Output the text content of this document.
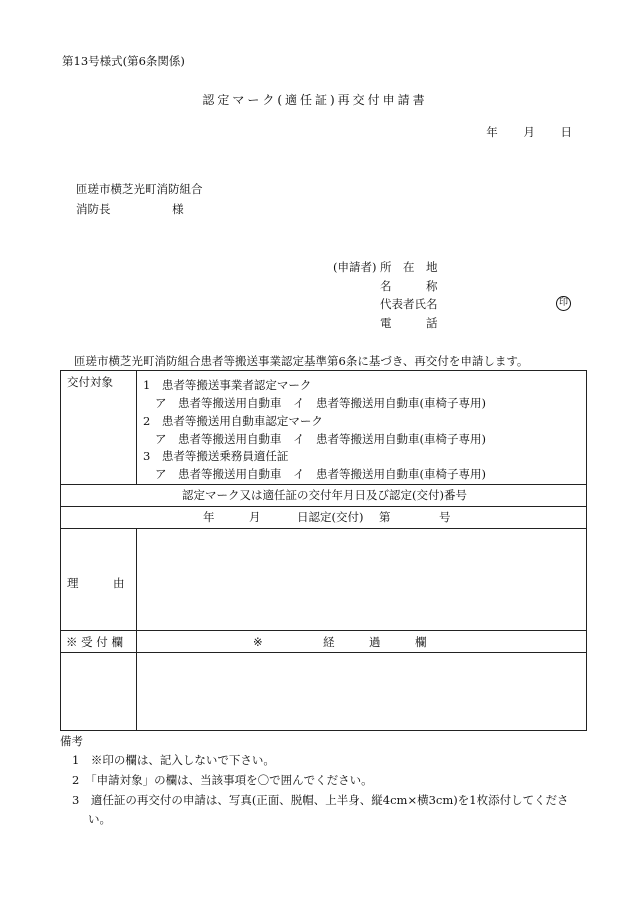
第13号様式(第6条関係)
認定マーク(適任証)再交付申請書
年 月 日
匝瑳市横芝光町消防組合
消防長	様
(申請者) 所　在　地
名　　　称
代表者氏名	印
電　　　話
匝瑳市横芝光町消防組合患者等搬送事業認定基準第6条に基づき、再交付を申請します。
交付対象	1　患者等搬送事業者認定マーク
ア　患者等搬送用自動車　イ　患者等搬送用自動車(車椅子専用)
2　患者等搬送用自動車認定マーク
ア　患者等搬送用自動車　イ　患者等搬送用自動車(車椅子専用)
3　患者等搬送乗務員適任証
ア　患者等搬送用自動車　イ　患者等搬送用自動車(車椅子専用)
認定マーク又は適任証の交付年月日及び認定(交付)番号
年	月	日認定(交付) 第	号
理　　　由
※ 受 付 欄	※	経　　　過　　　欄
備考
1　※印の欄は、記入しないで下さい。
2　「申請対象」の欄は、当該事項を〇で囲んでください。
3　適任証の再交付の申請は、写真(正面、脱帽、上半身、縦4cm×横3cm)を1枚添付してくださ
い。
